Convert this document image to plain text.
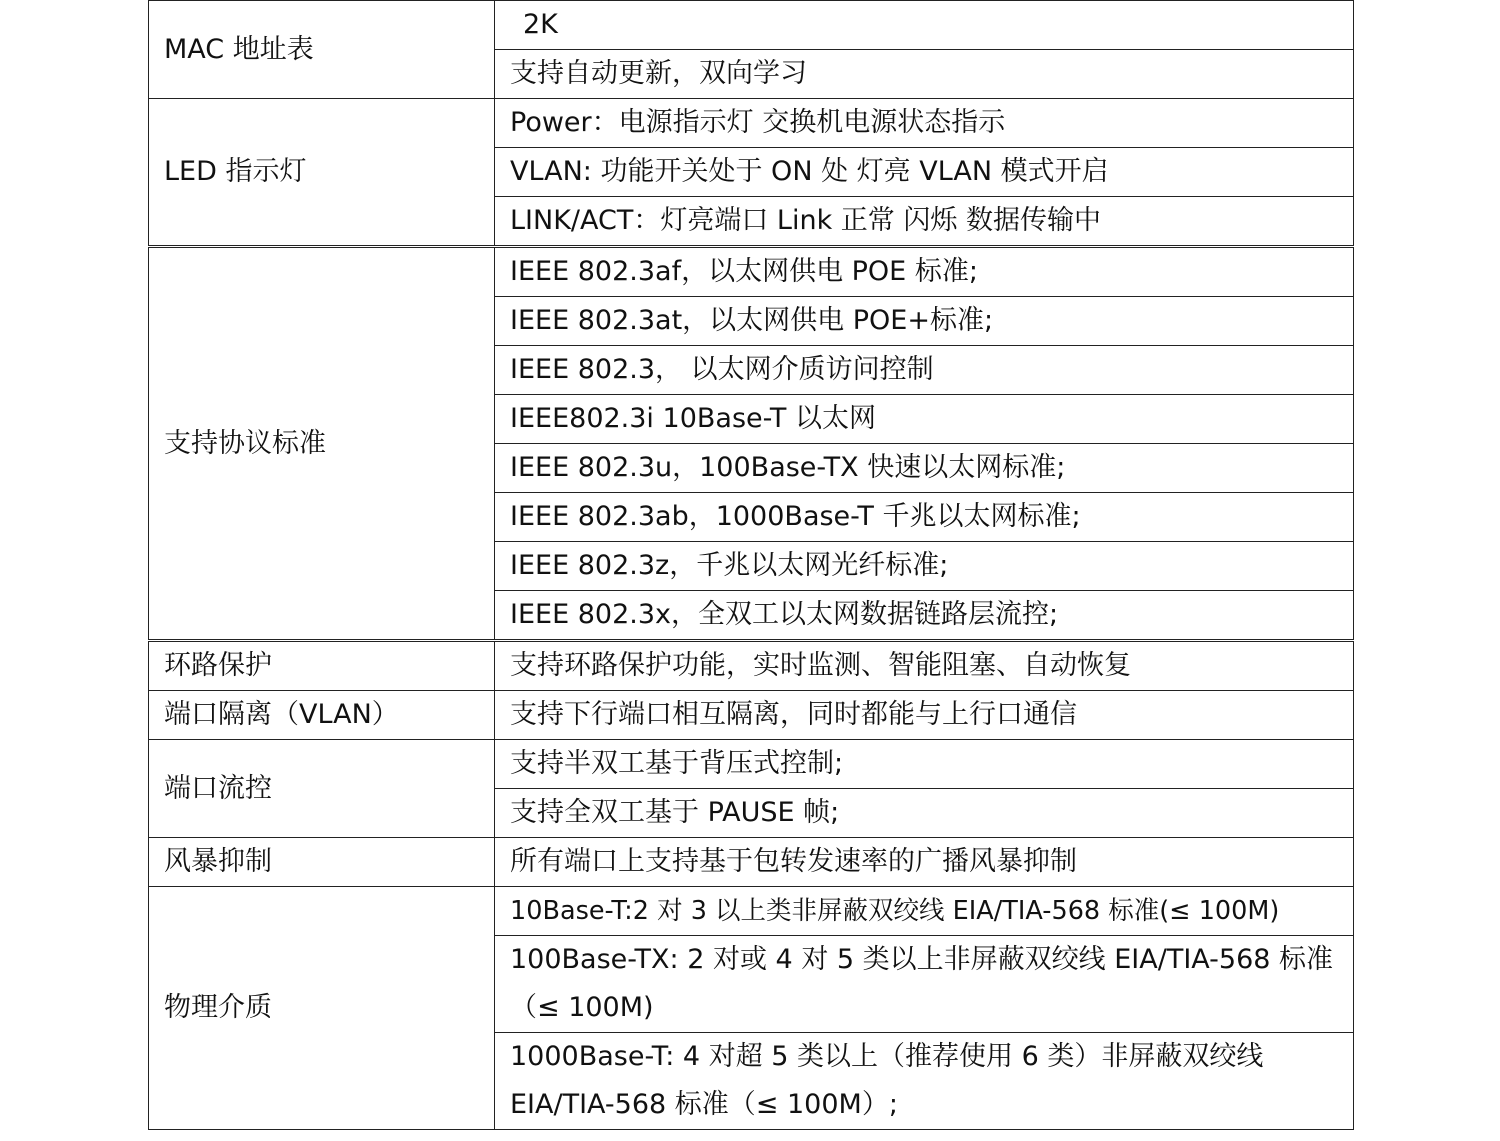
MAC 地址表	2K
	支持自动更新，双向学习
LED 指示灯	Power：电源指示灯 交换机电源状态指示
	VLAN: 功能开关处于 ON 处 灯亮 VLAN 模式开启
	LINK/ACT：灯亮端口 Link 正常 闪烁 数据传输中
支持协议标准	IEEE 802.3af，以太网供电 POE 标准;
	IEEE 802.3at，以太网供电 POE+标准;
	IEEE 802.3， 以太网介质访问控制
	IEEE802.3i 10Base-T 以太网
	IEEE 802.3u，100Base-TX 快速以太网标准;
	IEEE 802.3ab，1000Base-T 千兆以太网标准;
	IEEE 802.3z，千兆以太网光纤标准;
	IEEE 802.3x，全双工以太网数据链路层流控;
环路保护	支持环路保护功能，实时监测、智能阻塞、自动恢复
端口隔离（VLAN）	支持下行端口相互隔离，同时都能与上行口通信
端口流控	支持半双工基于背压式控制;
	支持全双工基于 PAUSE 帧;
风暴抑制	所有端口上支持基于包转发速率的广播风暴抑制
物理介质	10Base-T:2 对 3 以上类非屏蔽双绞线 EIA/TIA-568 标准(≤ 100M)
	100Base-TX: 2 对或 4 对 5 类以上非屏蔽双绞线 EIA/TIA-568 标准（≤ 100M)
	1000Base-T: 4 对超 5 类以上（推荐使用 6 类）非屏蔽双绞线 EIA/TIA-568 标准（≤ 100M）;
